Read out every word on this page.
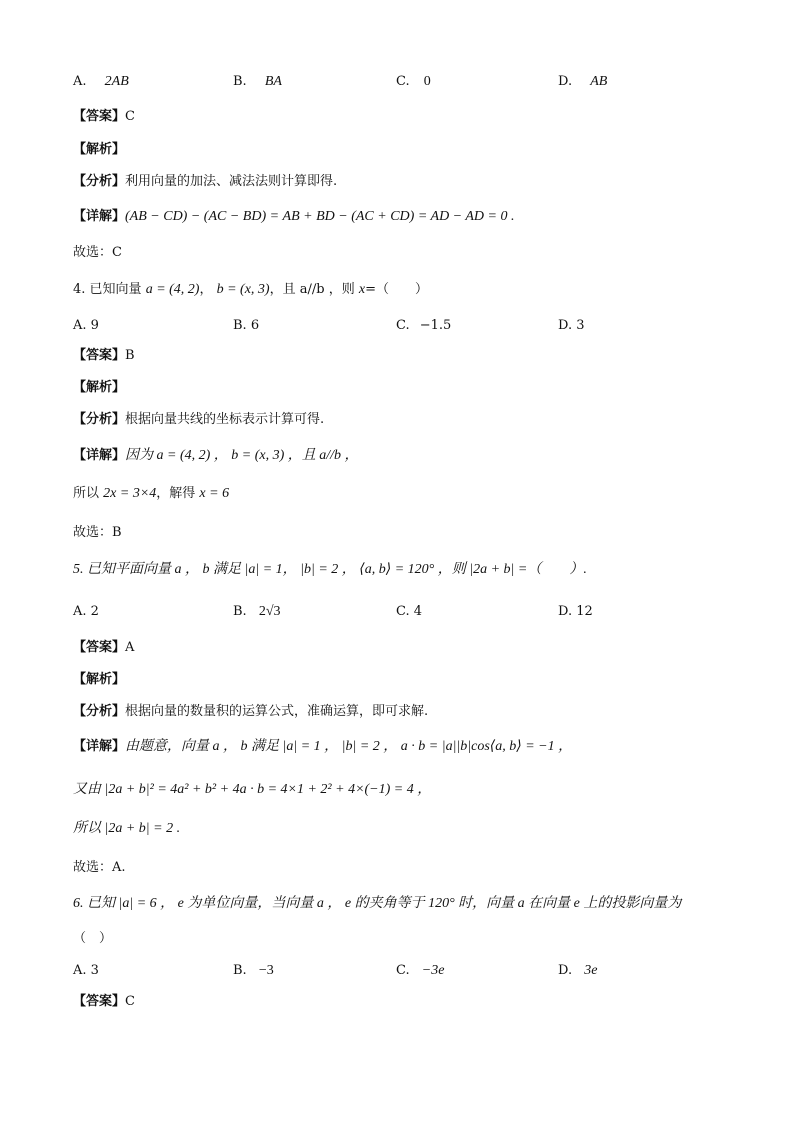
A. 2AB	B. BA	C. 0	D. AB
【答案】C
【解析】
【分析】利用向量的加法、减法法则计算即得.
【详解】(AB − CD) − (AC − BD) = AB + BD − (AC + CD) = AD − AD = 0 .
故选：C
4. 已知向量 a = (4, 2)， b = (x, 3)，且 a//b ，则 x=（　　）
A. 9	B. 6	C. −1.5	D. 3
【答案】B
【解析】
【分析】根据向量共线的坐标表示计算可得.
【详解】因为 a = (4, 2) ， b = (x, 3) ，且 a//b ，
所以 2x = 3×4，解得 x = 6
故选：B
5. 已知平面向量 a ， b 满足 |a| = 1， |b| = 2 ， ⟨a, b⟩ = 120° ，则 |2a + b| =（　　）.
A. 2	B. 2√3	C. 4	D. 12
【答案】A
【解析】
【分析】根据向量的数量积的运算公式，准确运算，即可求解.
【详解】由题意，向量 a ， b 满足 |a| = 1 ， |b| = 2 ， a · b = |a||b|cos⟨a, b⟩ = −1 ，
又由 |2a + b|² = 4a² + b² + 4a · b = 4×1 + 2² + 4×(−1) = 4 ，
所以 |2a + b| = 2 .
故选：A.
6. 已知 |a| = 6 ， e 为单位向量，当向量 a ， e 的夹角等于 120° 时，向量 a 在向量 e 上的投影向量为
（　）
A. 3	B. −3	C. −3e	D. 3e
【答案】C
